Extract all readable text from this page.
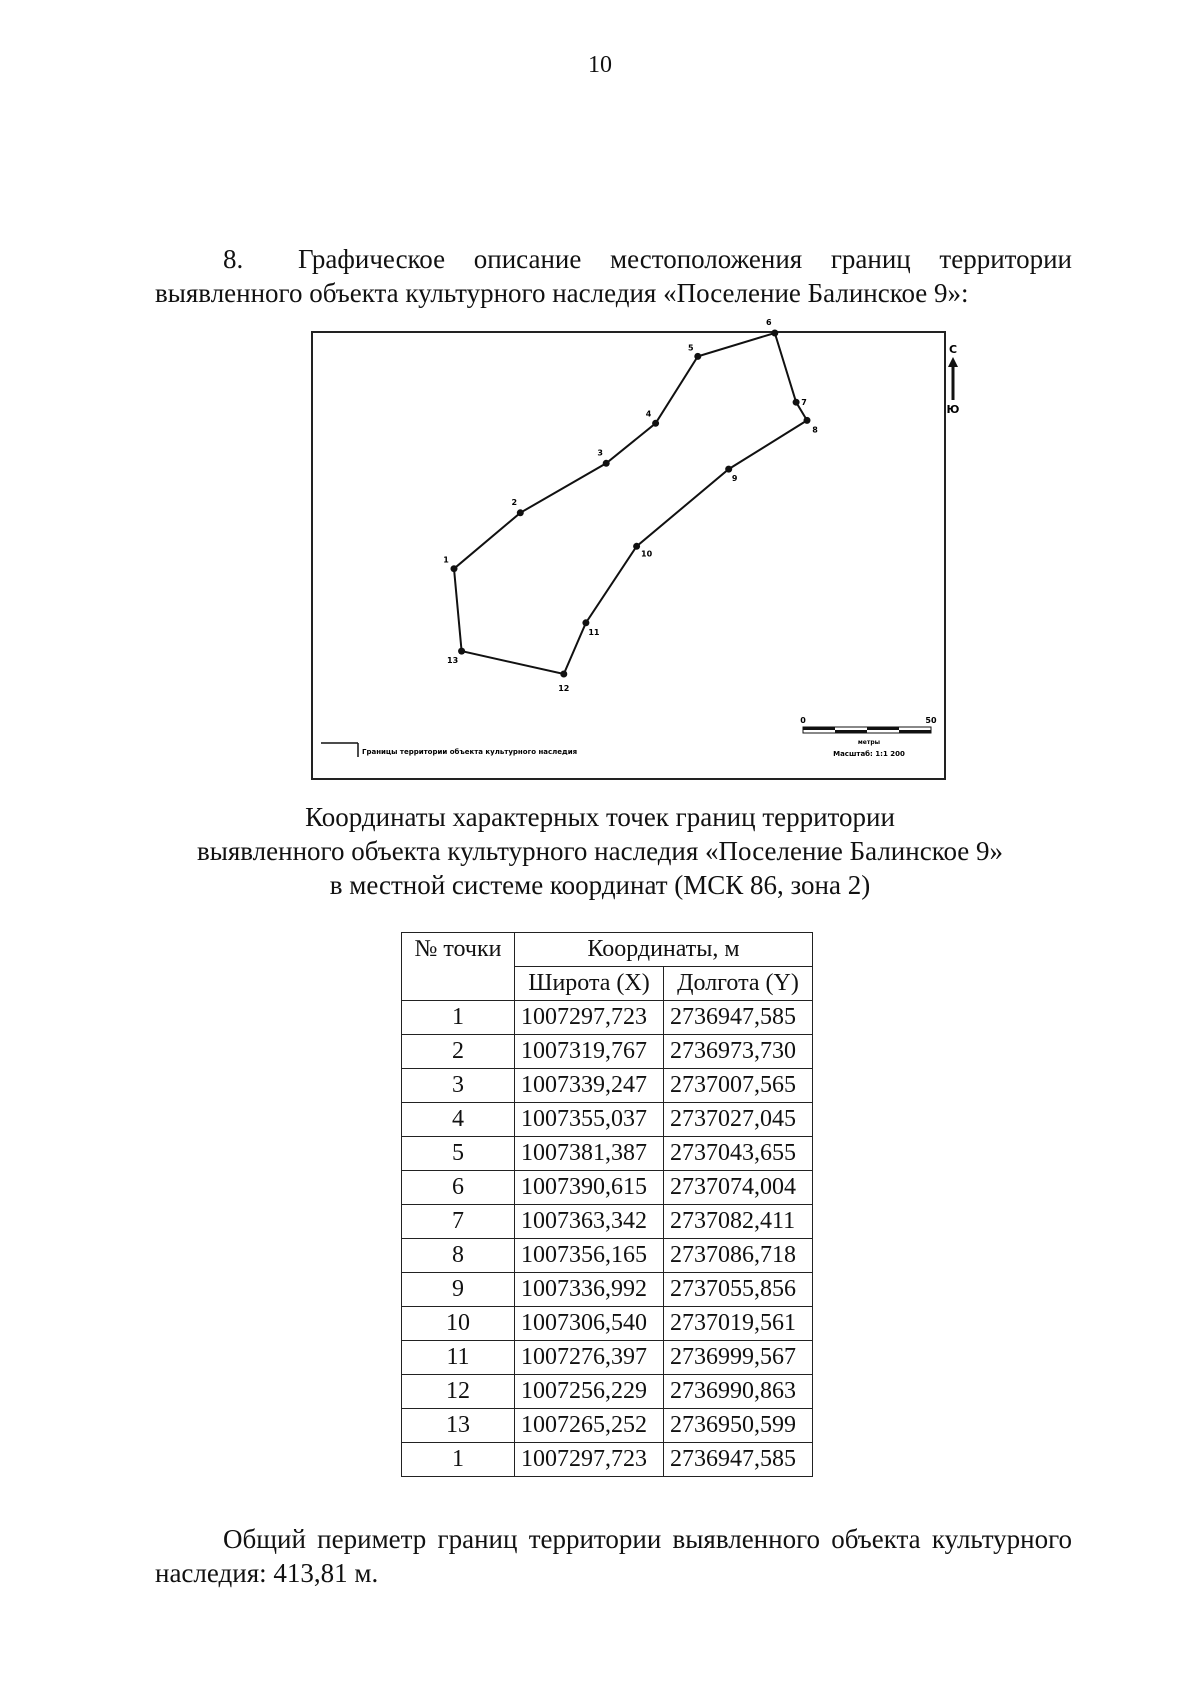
10
8. Графическое описание местоположения границ территории выявленного объекта культурного наследия «Поселение Балинское 9»:
1
2
3
4
5
6
7
8
9
10
11
12
13
С
Ю
Границы территории объекта культурного наследия
0	50
метры
Масштаб: 1:1 200
Координаты характерных точек границ территории
выявленного объекта культурного наследия «Поселение Балинское 9»
в местной системе координат (МСК 86, зона 2)
№ точки	Координаты, м	
	Широта (X)	Долгота (Y)
1	1007297,723	2736947,585
2	1007319,767	2736973,730
3	1007339,247	2737007,565
4	1007355,037	2737027,045
5	1007381,387	2737043,655
6	1007390,615	2737074,004
7	1007363,342	2737082,411
8	1007356,165	2737086,718
9	1007336,992	2737055,856
10	1007306,540	2737019,561
11	1007276,397	2736999,567
12	1007256,229	2736990,863
13	1007265,252	2736950,599
1	1007297,723	2736947,585
Общий периметр границ территории выявленного объекта культурного наследия: 413,81 м.
